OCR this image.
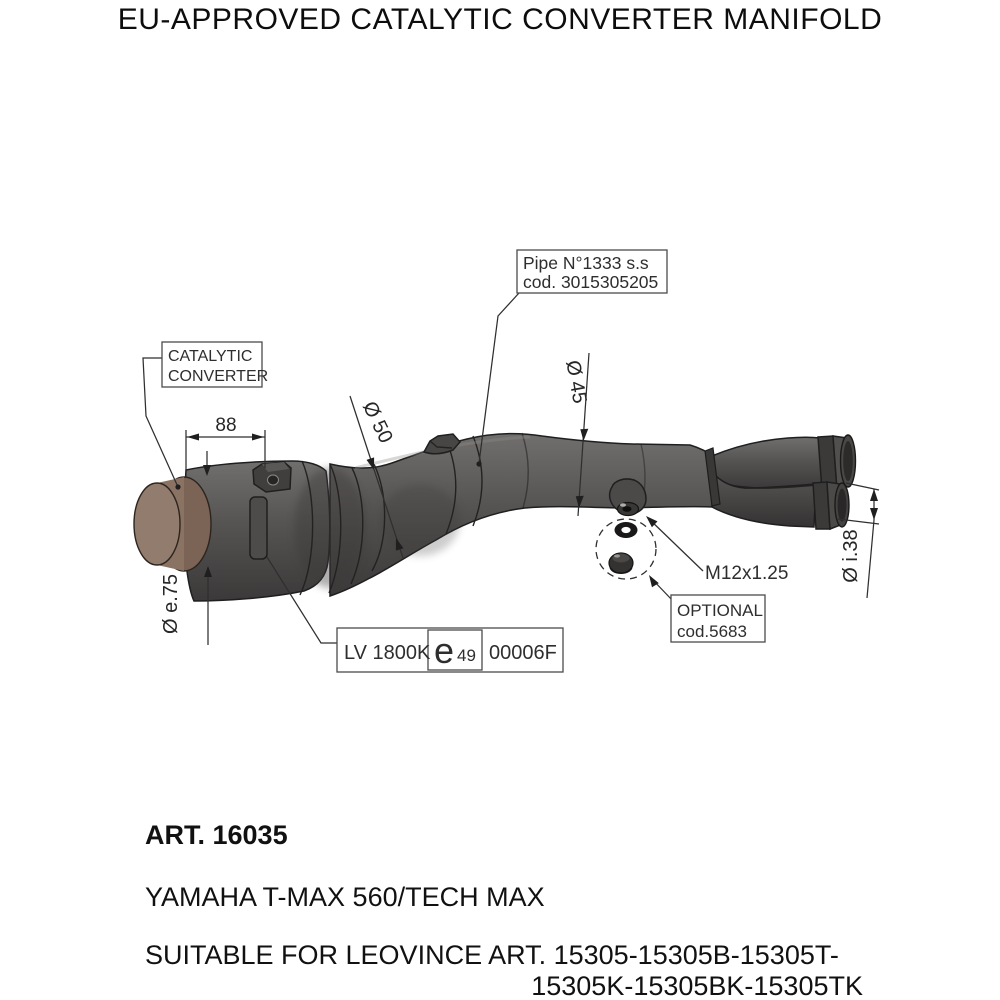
EU-APPROVED CATALYTIC CONVERTER MANIFOLD
88
Ø e.75
Ø 50
Ø 45
Ø i.38
Pipe N°1333 s.s
cod. 3015305205
CATALYTIC
CONVERTER
M12x1.25
OPTIONAL
cod.5683
LV 1800K e 49 00006F
ART. 16035
YAMAHA T-MAX 560/TECH MAX
SUITABLE FOR LEOVINCE ART. 15305-15305B-15305T-
15305K-15305BK-15305TK
